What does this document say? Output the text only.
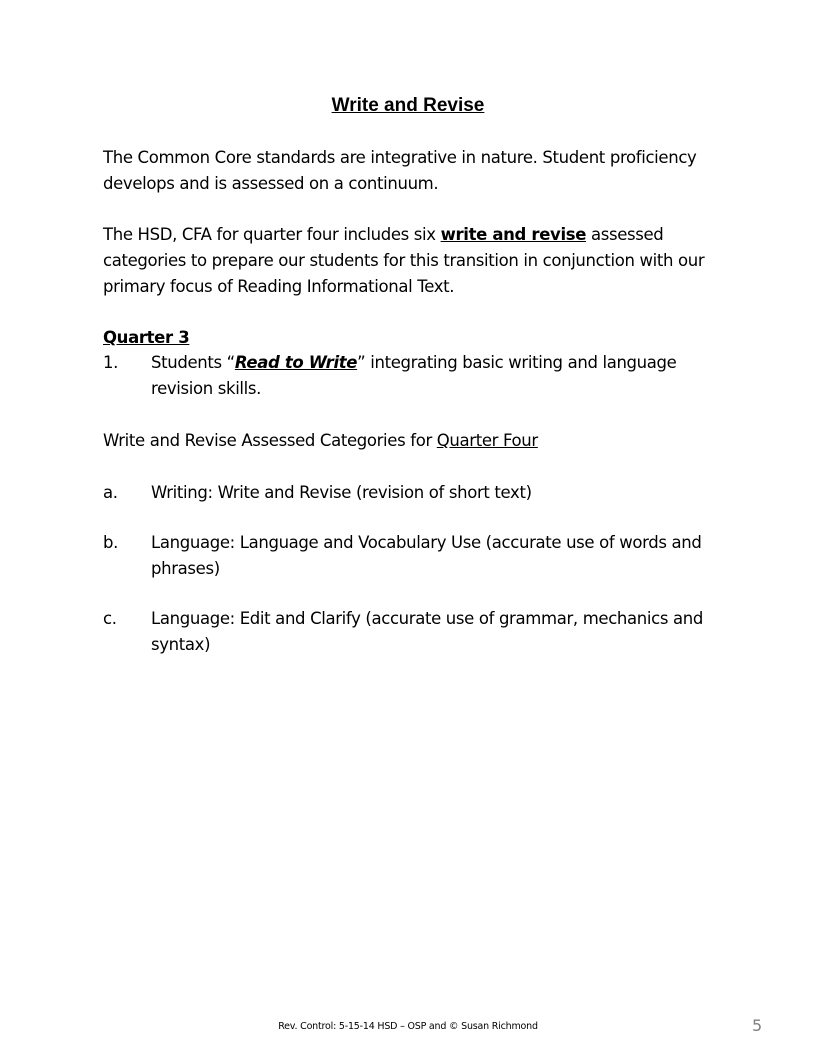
Write and Revise
The Common Core standards are integrative in nature. Student proficiency develops and is assessed on a continuum.
The HSD, CFA for quarter four includes six write and revise assessed categories to prepare our students for this transition in conjunction with our primary focus of Reading Informational Text.
Quarter 3
1. Students “Read to Write” integrating basic writing and language revision skills.
Write and Revise Assessed Categories for Quarter Four
a. Writing: Write and Revise (revision of short text)
b. Language: Language and Vocabulary Use (accurate use of words and phrases)
c. Language: Edit and Clarify (accurate use of grammar, mechanics and syntax)
Rev. Control: 5-15-14 HSD – OSP and © Susan Richmond	5
